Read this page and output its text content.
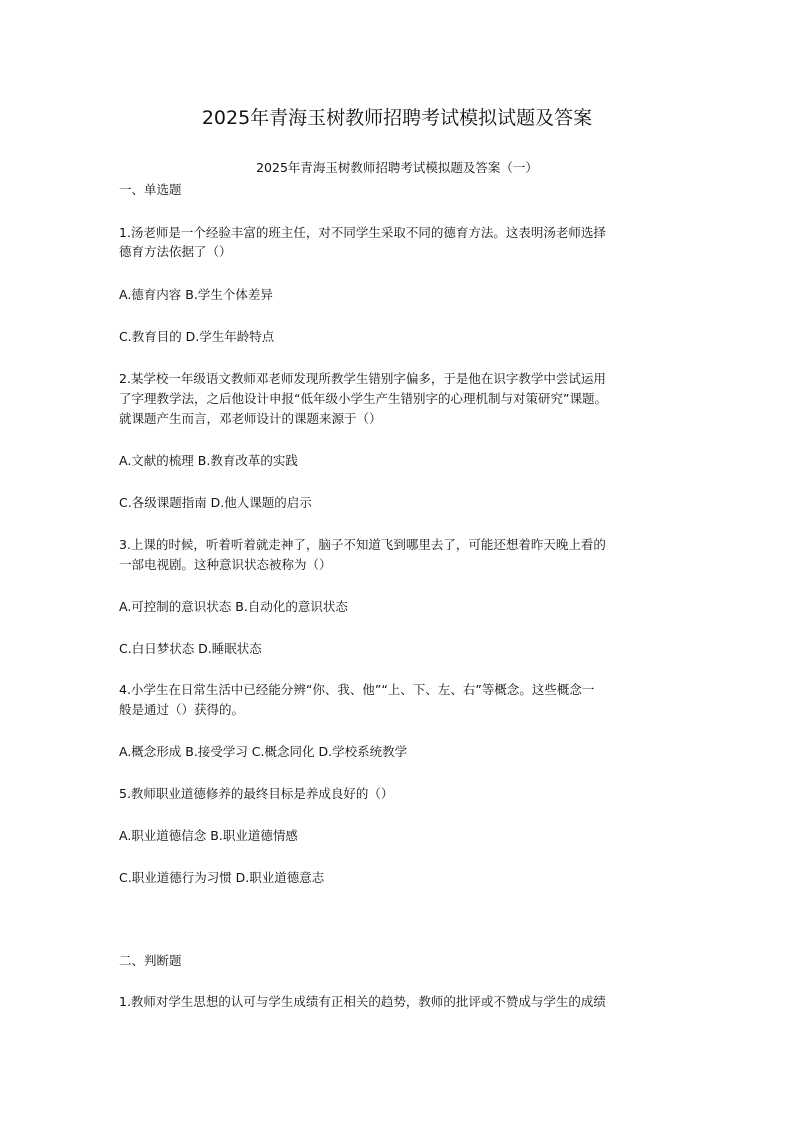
2025年青海玉树教师招聘考试模拟试题及答案
2025年青海玉树教师招聘考试模拟题及答案（一）
一、单选题
1.汤老师是一个经验丰富的班主任，对不同学生采取不同的德育方法。这表明汤老师选择
德育方法依据了（）
A.德育内容 B.学生个体差异
C.教育目的 D.学生年龄特点
2.某学校一年级语文教师邓老师发现所教学生错别字偏多，于是他在识字教学中尝试运用
了字理教学法，之后他设计申报“低年级小学生产生错别字的心理机制与对策研究”课题。
就课题产生而言，邓老师设计的课题来源于（）
A.文献的梳理 B.教育改革的实践
C.各级课题指南 D.他人课题的启示
3.上课的时候，听着听着就走神了，脑子不知道飞到哪里去了，可能还想着昨天晚上看的
一部电视剧。这种意识状态被称为（）
A.可控制的意识状态 B.自动化的意识状态
C.白日梦状态 D.睡眠状态
4.小学生在日常生活中已经能分辨“你、我、他”“上、下、左、右”等概念。这些概念一
般是通过（）获得的。
A.概念形成 B.接受学习 C.概念同化 D.学校系统教学
5.教师职业道德修养的最终目标是养成良好的（）
A.职业道德信念 B.职业道德情感
C.职业道德行为习惯 D.职业道德意志
二、判断题
1.教师对学生思想的认可与学生成绩有正相关的趋势，教师的批评或不赞成与学生的成绩
